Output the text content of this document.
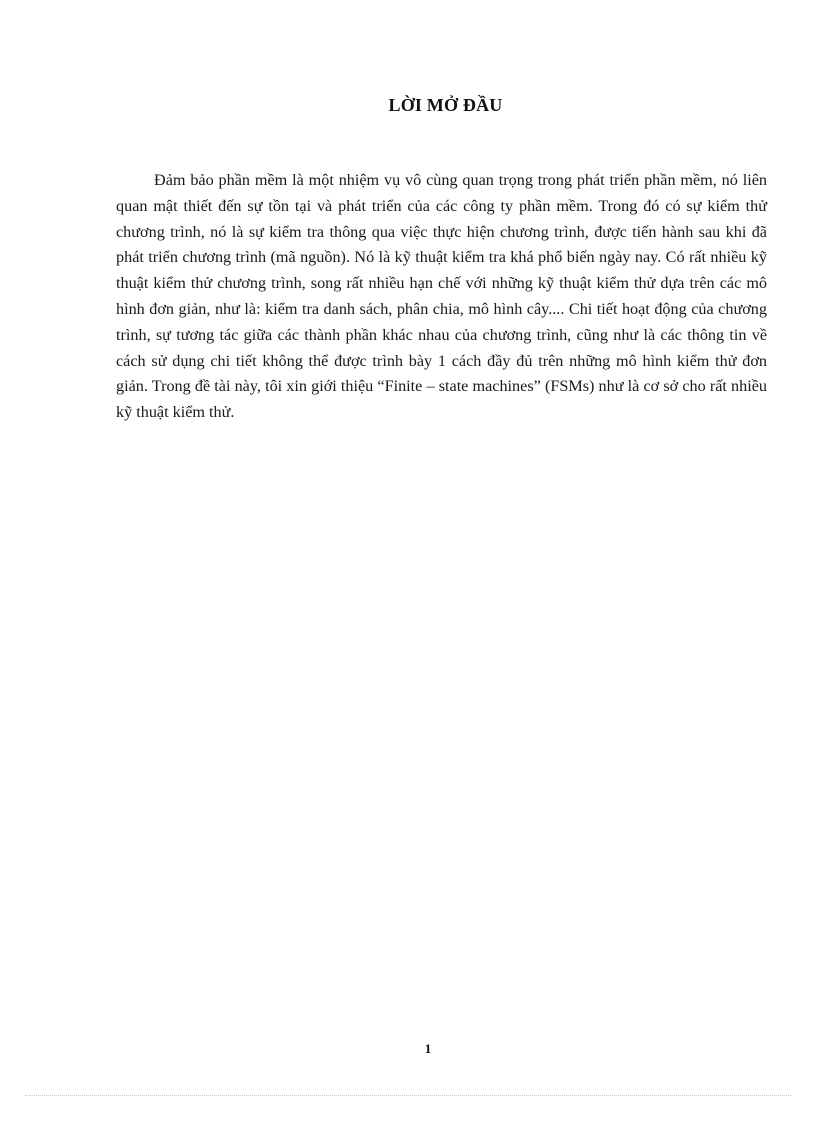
LỜI MỞ ĐẦU

Đảm bảo phần mềm là một nhiệm vụ vô cùng quan trọng trong phát triển phần mềm, nó liên quan mật thiết đến sự tồn tại và phát triển của các công ty phần mềm. Trong đó có sự kiểm thử chương trình, nó là sự kiểm tra thông qua việc thực hiện chương trình, được tiến hành sau khi đã phát triển chương trình (mã nguồn). Nó là kỹ thuật kiểm tra khá phổ biến ngày nay. Có rất nhiều kỹ thuật kiểm thử chương trình, song rất nhiều hạn chế với những kỹ thuật kiểm thử dựa trên các mô hình đơn giản, như là: kiểm tra danh sách, phân chia, mô hình cây.... Chi tiết hoạt động của chương trình, sự tương tác giữa các thành phần khác nhau của chương trình, cũng như là các thông tin về cách sử dụng chi tiết không thể được trình bày 1 cách đầy đủ trên những mô hình kiểm thử đơn giản. Trong đề tài này, tôi xin giới thiệu “Finite – state machines” (FSMs) như là cơ sở cho rất nhiều kỹ thuật kiểm thử.

1
